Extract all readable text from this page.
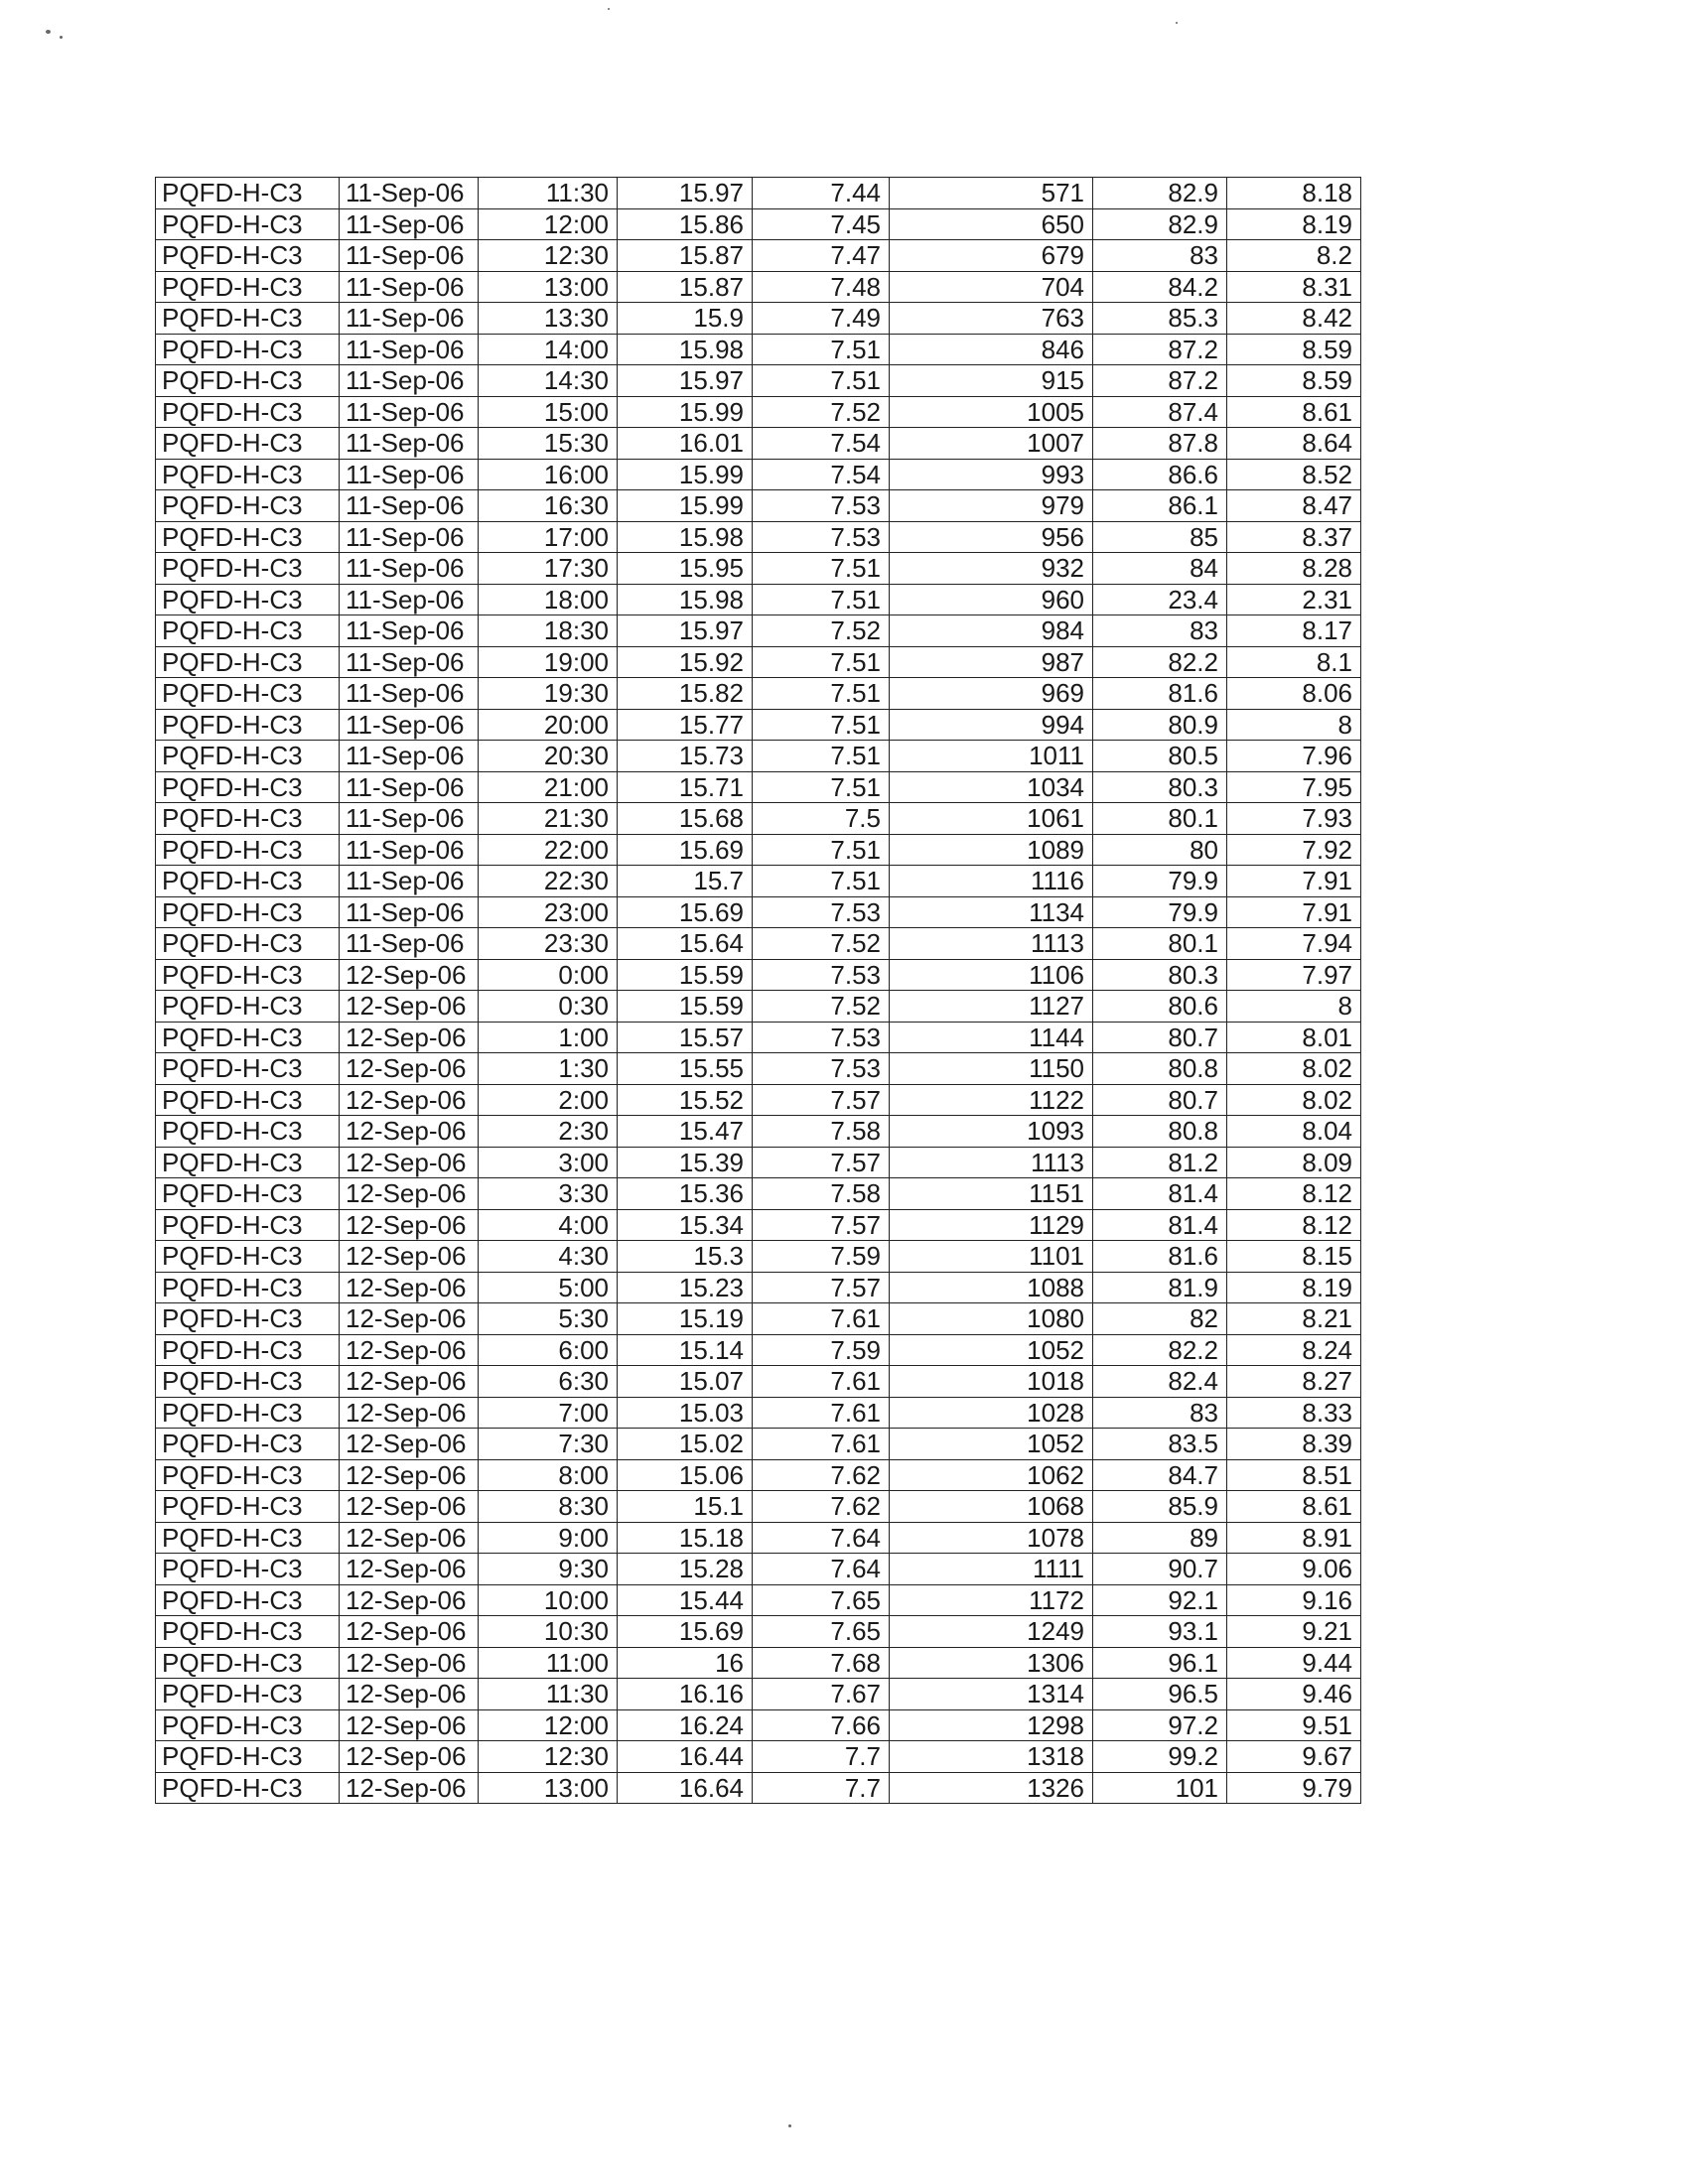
PQFD-H-C3	11-Sep-06	11:30	15.97	7.44	571	82.9	8.18
PQFD-H-C3	11-Sep-06	12:00	15.86	7.45	650	82.9	8.19
PQFD-H-C3	11-Sep-06	12:30	15.87	7.47	679	83	8.2
PQFD-H-C3	11-Sep-06	13:00	15.87	7.48	704	84.2	8.31
PQFD-H-C3	11-Sep-06	13:30	15.9	7.49	763	85.3	8.42
PQFD-H-C3	11-Sep-06	14:00	15.98	7.51	846	87.2	8.59
PQFD-H-C3	11-Sep-06	14:30	15.97	7.51	915	87.2	8.59
PQFD-H-C3	11-Sep-06	15:00	15.99	7.52	1005	87.4	8.61
PQFD-H-C3	11-Sep-06	15:30	16.01	7.54	1007	87.8	8.64
PQFD-H-C3	11-Sep-06	16:00	15.99	7.54	993	86.6	8.52
PQFD-H-C3	11-Sep-06	16:30	15.99	7.53	979	86.1	8.47
PQFD-H-C3	11-Sep-06	17:00	15.98	7.53	956	85	8.37
PQFD-H-C3	11-Sep-06	17:30	15.95	7.51	932	84	8.28
PQFD-H-C3	11-Sep-06	18:00	15.98	7.51	960	23.4	2.31
PQFD-H-C3	11-Sep-06	18:30	15.97	7.52	984	83	8.17
PQFD-H-C3	11-Sep-06	19:00	15.92	7.51	987	82.2	8.1
PQFD-H-C3	11-Sep-06	19:30	15.82	7.51	969	81.6	8.06
PQFD-H-C3	11-Sep-06	20:00	15.77	7.51	994	80.9	8
PQFD-H-C3	11-Sep-06	20:30	15.73	7.51	1011	80.5	7.96
PQFD-H-C3	11-Sep-06	21:00	15.71	7.51	1034	80.3	7.95
PQFD-H-C3	11-Sep-06	21:30	15.68	7.5	1061	80.1	7.93
PQFD-H-C3	11-Sep-06	22:00	15.69	7.51	1089	80	7.92
PQFD-H-C3	11-Sep-06	22:30	15.7	7.51	1116	79.9	7.91
PQFD-H-C3	11-Sep-06	23:00	15.69	7.53	1134	79.9	7.91
PQFD-H-C3	11-Sep-06	23:30	15.64	7.52	1113	80.1	7.94
PQFD-H-C3	12-Sep-06	0:00	15.59	7.53	1106	80.3	7.97
PQFD-H-C3	12-Sep-06	0:30	15.59	7.52	1127	80.6	8
PQFD-H-C3	12-Sep-06	1:00	15.57	7.53	1144	80.7	8.01
PQFD-H-C3	12-Sep-06	1:30	15.55	7.53	1150	80.8	8.02
PQFD-H-C3	12-Sep-06	2:00	15.52	7.57	1122	80.7	8.02
PQFD-H-C3	12-Sep-06	2:30	15.47	7.58	1093	80.8	8.04
PQFD-H-C3	12-Sep-06	3:00	15.39	7.57	1113	81.2	8.09
PQFD-H-C3	12-Sep-06	3:30	15.36	7.58	1151	81.4	8.12
PQFD-H-C3	12-Sep-06	4:00	15.34	7.57	1129	81.4	8.12
PQFD-H-C3	12-Sep-06	4:30	15.3	7.59	1101	81.6	8.15
PQFD-H-C3	12-Sep-06	5:00	15.23	7.57	1088	81.9	8.19
PQFD-H-C3	12-Sep-06	5:30	15.19	7.61	1080	82	8.21
PQFD-H-C3	12-Sep-06	6:00	15.14	7.59	1052	82.2	8.24
PQFD-H-C3	12-Sep-06	6:30	15.07	7.61	1018	82.4	8.27
PQFD-H-C3	12-Sep-06	7:00	15.03	7.61	1028	83	8.33
PQFD-H-C3	12-Sep-06	7:30	15.02	7.61	1052	83.5	8.39
PQFD-H-C3	12-Sep-06	8:00	15.06	7.62	1062	84.7	8.51
PQFD-H-C3	12-Sep-06	8:30	15.1	7.62	1068	85.9	8.61
PQFD-H-C3	12-Sep-06	9:00	15.18	7.64	1078	89	8.91
PQFD-H-C3	12-Sep-06	9:30	15.28	7.64	1111	90.7	9.06
PQFD-H-C3	12-Sep-06	10:00	15.44	7.65	1172	92.1	9.16
PQFD-H-C3	12-Sep-06	10:30	15.69	7.65	1249	93.1	9.21
PQFD-H-C3	12-Sep-06	11:00	16	7.68	1306	96.1	9.44
PQFD-H-C3	12-Sep-06	11:30	16.16	7.67	1314	96.5	9.46
PQFD-H-C3	12-Sep-06	12:00	16.24	7.66	1298	97.2	9.51
PQFD-H-C3	12-Sep-06	12:30	16.44	7.7	1318	99.2	9.67
PQFD-H-C3	12-Sep-06	13:00	16.64	7.7	1326	101	9.79
